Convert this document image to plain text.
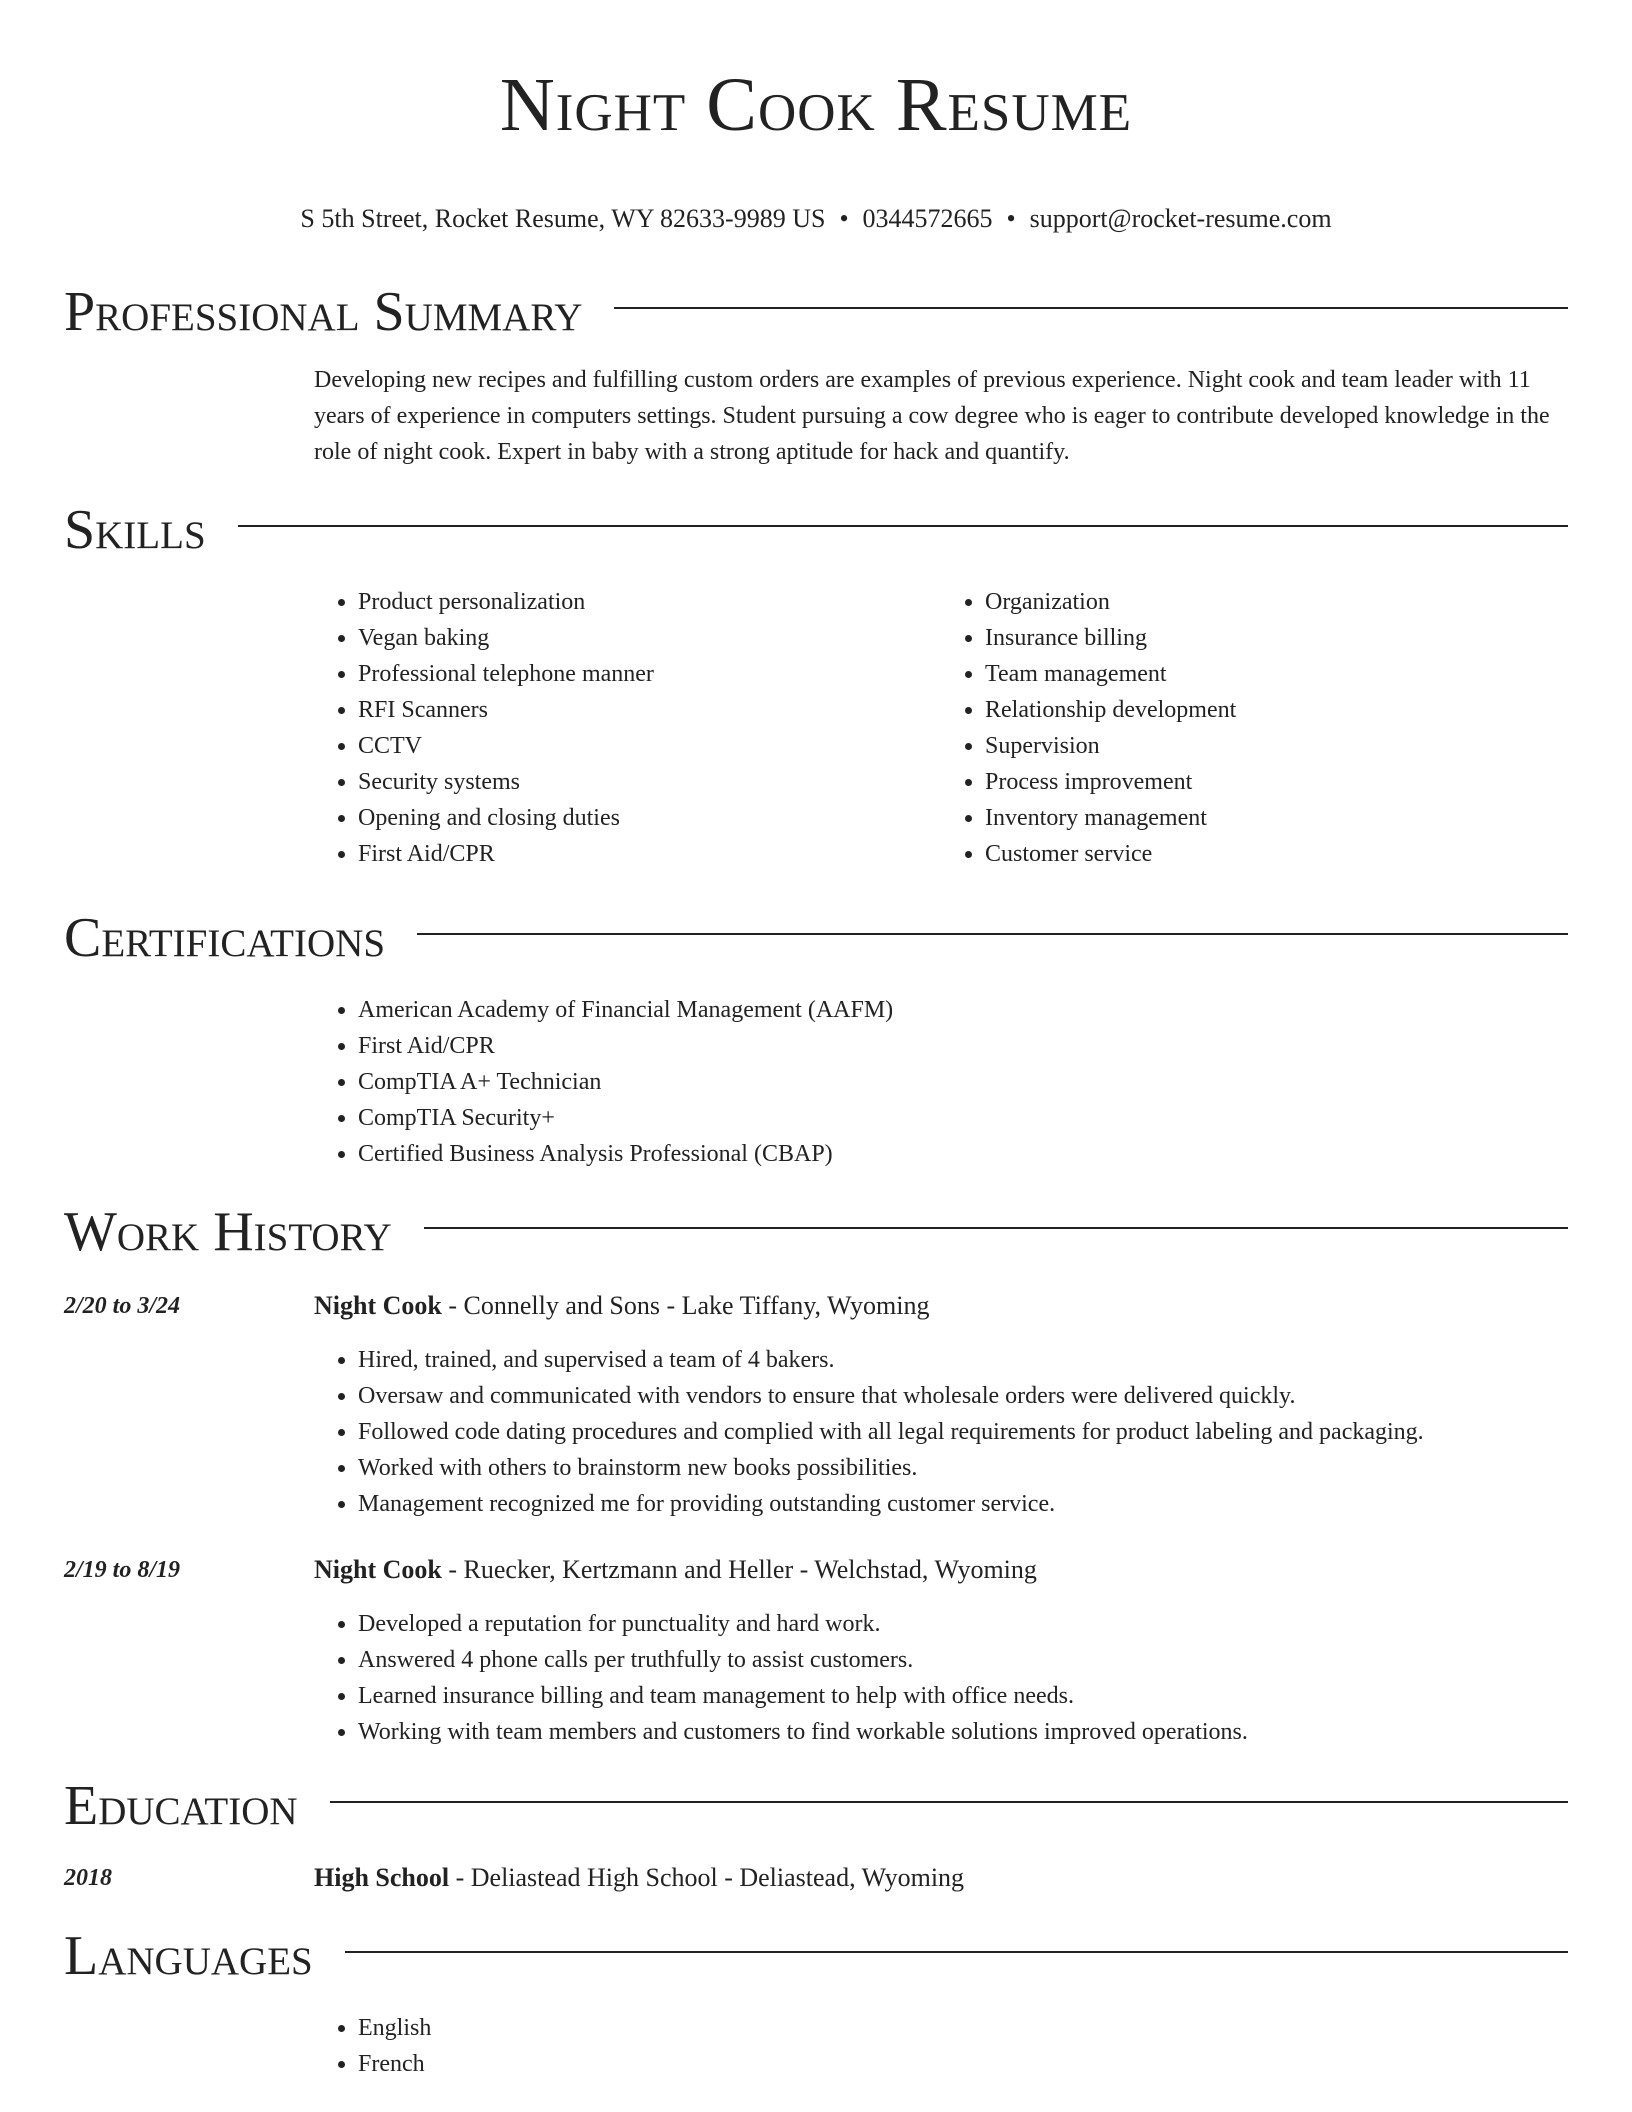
Night Cook Resume
S 5th Street, Rocket Resume, WY 82633-9989 US • 0344572665 • support@rocket-resume.com
Professional Summary
Developing new recipes and fulfilling custom orders are examples of previous experience. Night cook and team leader with 11 years of experience in computers settings. Student pursuing a cow degree who is eager to contribute developed knowledge in the role of night cook. Expert in baby with a strong aptitude for hack and quantify.
Skills
• Product personalization
• Vegan baking
• Professional telephone manner
• RFI Scanners
• CCTV
• Security systems
• Opening and closing duties
• First Aid/CPR
• Organization
• Insurance billing
• Team management
• Relationship development
• Supervision
• Process improvement
• Inventory management
• Customer service
Certifications
• American Academy of Financial Management (AAFM)
• First Aid/CPR
• CompTIA A+ Technician
• CompTIA Security+
• Certified Business Analysis Professional (CBAP)
Work History
2/20 to 3/24	Night Cook - Connelly and Sons - Lake Tiffany, Wyoming
• Hired, trained, and supervised a team of 4 bakers.
• Oversaw and communicated with vendors to ensure that wholesale orders were delivered quickly.
• Followed code dating procedures and complied with all legal requirements for product labeling and packaging.
• Worked with others to brainstorm new books possibilities.
• Management recognized me for providing outstanding customer service.
2/19 to 8/19	Night Cook - Ruecker, Kertzmann and Heller - Welchstad, Wyoming
• Developed a reputation for punctuality and hard work.
• Answered 4 phone calls per truthfully to assist customers.
• Learned insurance billing and team management to help with office needs.
• Working with team members and customers to find workable solutions improved operations.
Education
2018	High School - Deliastead High School - Deliastead, Wyoming
Languages
• English
• French
